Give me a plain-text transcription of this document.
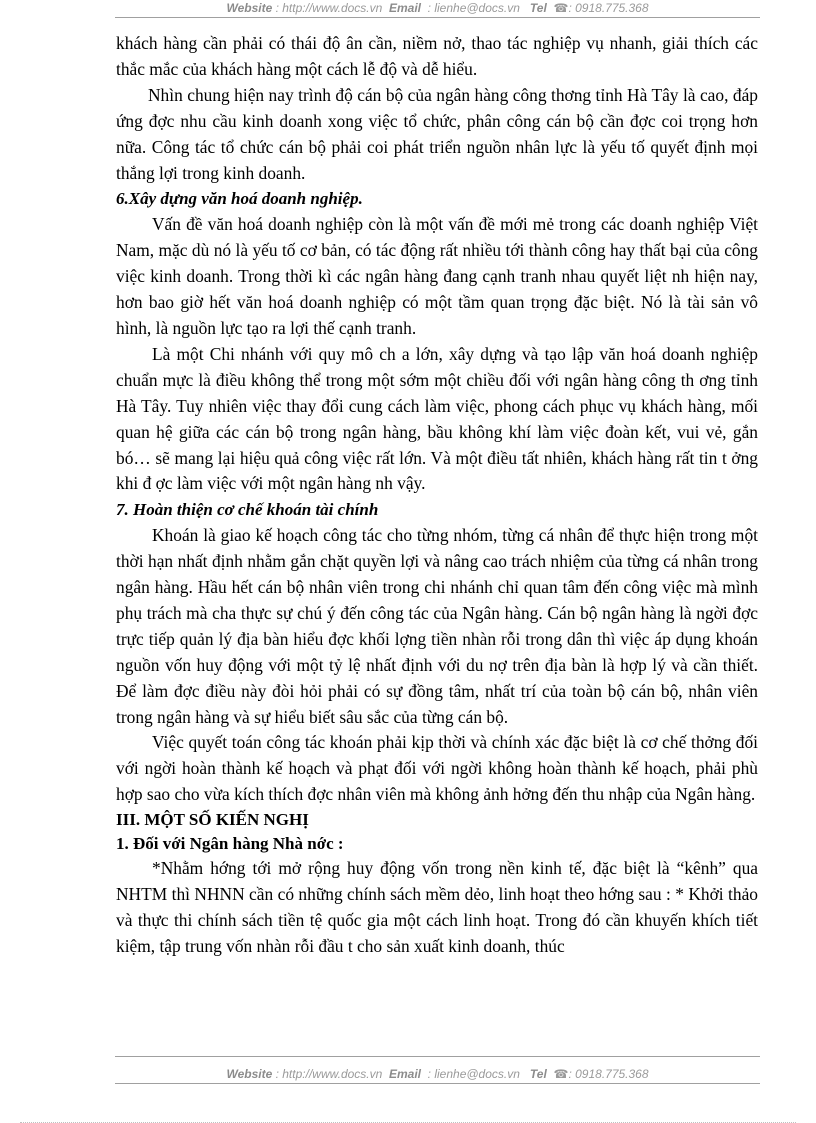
Website : http://www.docs.vn Email : lienhe@docs.vn Tel ☎: 0918.775.368

khách hàng cần phải có thái độ ân cần, niềm nở, thao tác nghiệp vụ nhanh, giải thích các thắc mắc của khách hàng một cách lễ độ và dễ hiểu.

Nhìn chung hiện nay trình độ cán bộ của ngân hàng công thơng tỉnh Hà Tây là cao, đáp ứng đợc nhu cầu kinh doanh xong việc tổ chức, phân công cán bộ cần đợc coi trọng hơn nữa. Công tác tổ chức cán bộ phải coi phát triển nguồn nhân lực là yếu tố quyết định mọi thắng lợi trong kinh doanh.

6.Xây dựng văn hoá doanh nghiệp.

Vấn đề văn hoá doanh nghiệp còn là một vấn đề mới mẻ trong các doanh nghiệp Việt Nam, mặc dù nó là yếu tố cơ bản, có tác động rất nhiều tới thành công hay thất bại của công việc kinh doanh. Trong thời kì các ngân hàng đang cạnh tranh nhau quyết liệt nh hiện nay, hơn bao giờ hết văn hoá doanh nghiệp có một tầm quan trọng đặc biệt. Nó là tài sản vô hình, là nguồn lực tạo ra lợi thế cạnh tranh.

Là một Chi nhánh với quy mô ch a lớn, xây dựng và tạo lập văn hoá doanh nghiệp chuẩn mực là điều không thể trong một sớm một chiều đối với ngân hàng công th ơng tỉnh Hà Tây. Tuy nhiên việc thay đổi cung cách làm việc, phong cách phục vụ khách hàng, mối quan hệ giữa các cán bộ trong ngân hàng, bầu không khí làm việc đoàn kết, vui vẻ, gắn bó… sẽ mang lại hiệu quả công việc rất lớn. Và một điều tất nhiên, khách hàng rất tin t ởng khi đ ợc làm việc với một ngân hàng nh vậy.

7. Hoàn thiện cơ chế khoán tài chính

Khoán là giao kế hoạch công tác cho từng nhóm, từng cá nhân để thực hiện trong một thời hạn nhất định nhằm gắn chặt quyền lợi và nâng cao trách nhiệm của từng cá nhân trong ngân hàng. Hầu hết cán bộ nhân viên trong chi nhánh chỉ quan tâm đến công việc mà mình phụ trách mà cha thực sự chú ý đến công tác của Ngân hàng. Cán bộ ngân hàng là ngời đợc trực tiếp quản lý địa bàn hiểu đợc khối lợng tiền nhàn rỗi trong dân thì việc áp dụng khoán nguồn vốn huy động với một tỷ lệ nhất định với du nợ trên địa bàn là hợp lý và cần thiết. Để làm đợc điều này đòi hỏi phải có sự đồng tâm, nhất trí của toàn bộ cán bộ, nhân viên trong ngân hàng và sự hiểu biết sâu sắc của từng cán bộ.

Việc quyết toán công tác khoán phải kịp thời và chính xác đặc biệt là cơ chế thởng đối với ngời hoàn thành kế hoạch và phạt đối với ngời không hoàn thành kế hoạch, phải phù hợp sao cho vừa kích thích đợc nhân viên mà không ảnh hởng đến thu nhập của Ngân hàng.

III. MỘT SỐ KIẾN NGHỊ
1. Đối với Ngân hàng Nhà nớc :

*Nhằm hớng tới mở rộng huy động vốn trong nền kinh tế, đặc biệt là “kênh” qua NHTM thì NHNN cần có những chính sách mềm dẻo, linh hoạt theo hớng sau : * Khởi thảo và thực thi chính sách tiền tệ quốc gia một cách linh hoạt. Trong đó cần khuyến khích tiết kiệm, tập trung vốn nhàn rỗi đầu t cho sản xuất kinh doanh, thúc

Website : http://www.docs.vn Email : lienhe@docs.vn Tel ☎: 0918.775.368
